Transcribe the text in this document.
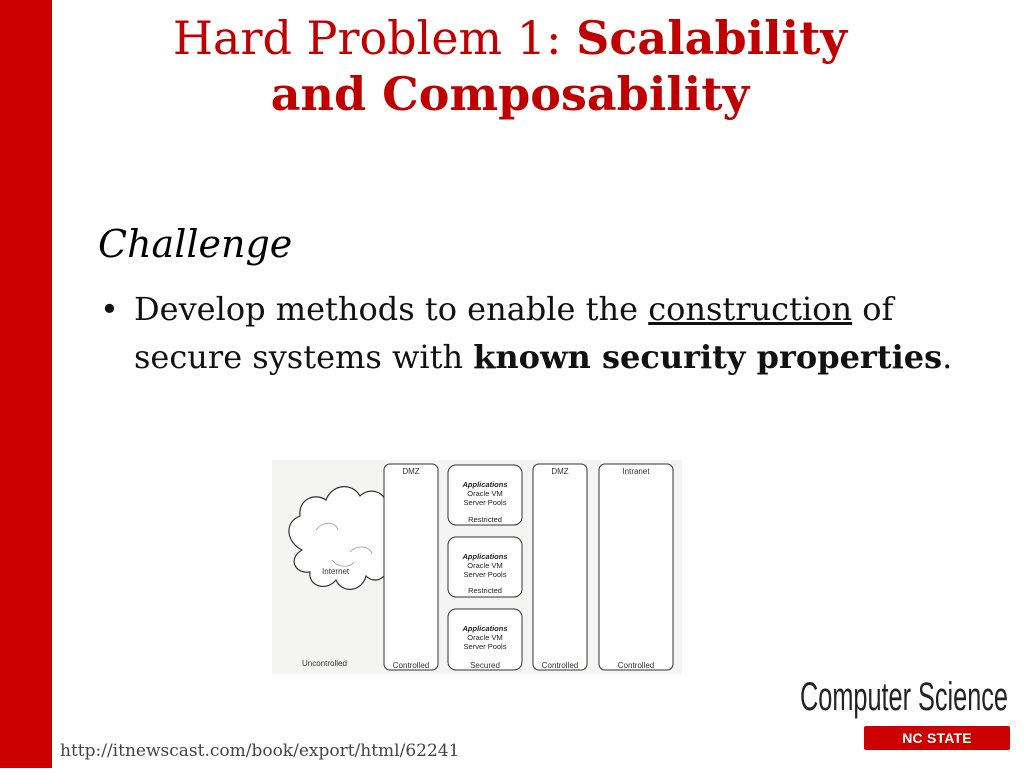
Hard Problem 1: Scalability
and Composability
Challenge
• Develop methods to enable the construction of secure systems with known security properties.
Internet
Uncontrolled
DMZ
Controlled
Applications
Oracle VM
Server Pools
Restricted
Applications
Oracle VM
Server Pools
Restricted
Applications
Oracle VM
Server Pools
Secured
DMZ
Controlled
Intranet
Controlled
Computer Science
NC STATE UNIVERSITY
http://itnewscast.com/book/export/html/62241
